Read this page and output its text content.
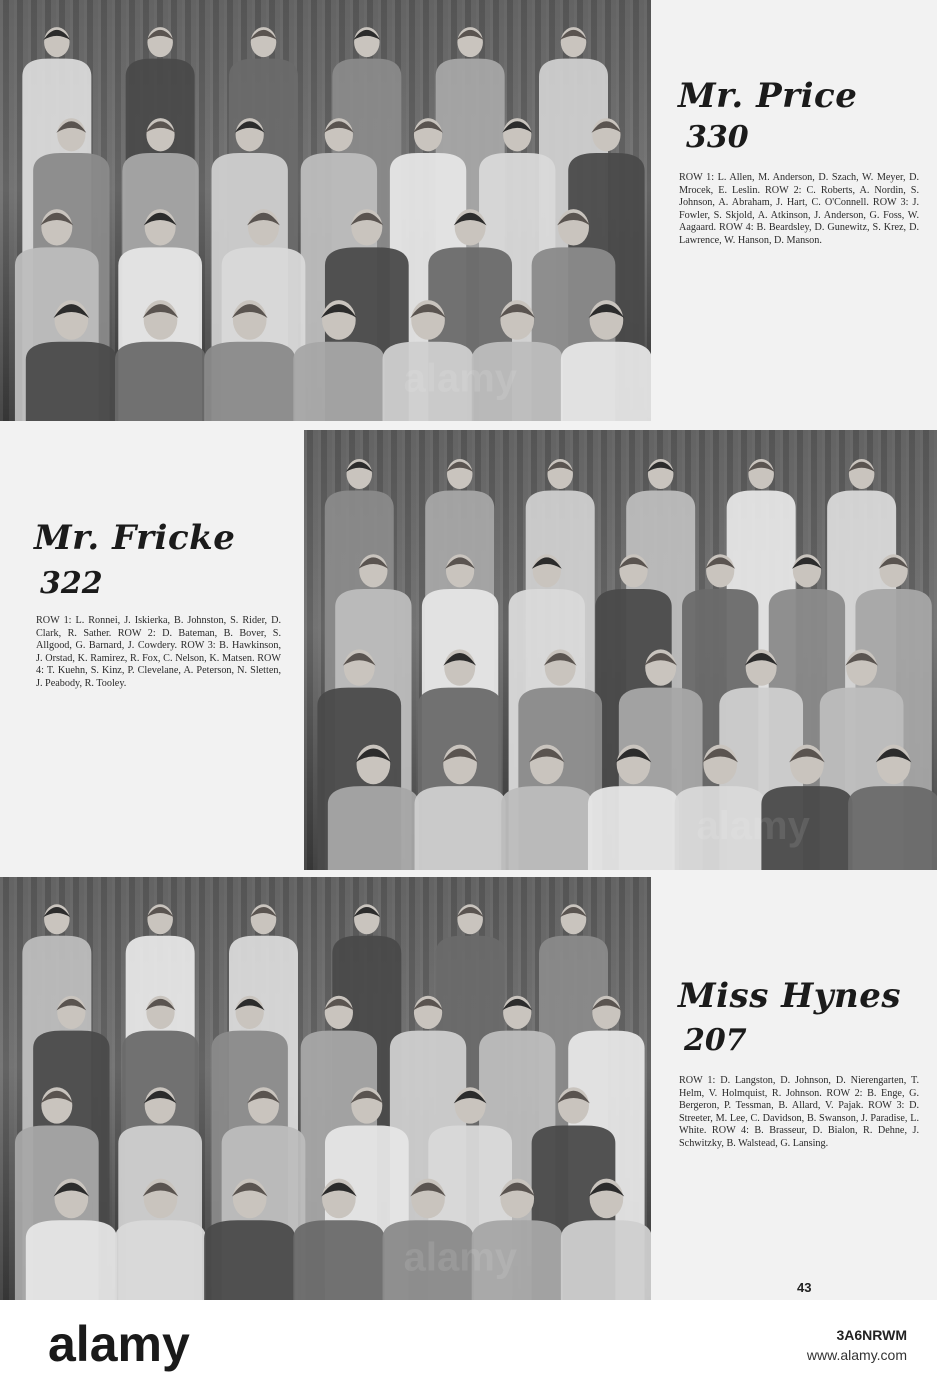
alamy
Mr. Price
330

ROW 1: L. Allen, M. Anderson, D. Szach, W. Meyer, D. Mrocek, E. Leslin. ROW 2: C. Roberts, A. Nordin, S. Johnson, A. Abraham, J. Hart, C. O'Connell. ROW 3: J. Fowler, S. Skjold, A. Atkinson, J. Anderson, G. Foss, W. Aagaard. ROW 4: B. Beardsley, D. Gunewitz, S. Krez, D. Lawrence, W. Hanson, D. Manson.

alamy
Mr. Fricke
322

ROW 1: L. Ronnei, J. Iskierka, B. Johnston, S. Rider, D. Clark, R. Sather. ROW 2: D. Bateman, B. Bover, S. Allgood, G. Barnard, J. Cowdery. ROW 3: B. Hawkinson, J. Orstad, K. Ramirez, R. Fox, C. Nelson, K. Matsen. ROW 4: T. Kuehn, S. Kinz, P. Clevelane, A. Peterson, N. Sletten, J. Peabody, R. Tooley.

alamy
Miss Hynes
207

ROW 1: D. Langston, D. Johnson, D. Nierengarten, T. Helm, V. Holmquist, R. Johnson. ROW 2: B. Enge, G. Bergeron, P. Tessman, B. Allard, V. Pajak. ROW 3: D. Streeter, M. Lee, C. Davidson, B. Swanson, J. Paradise, L. White. ROW 4: B. Brasseur, D. Bialon, R. Dehne, J. Schwitzky, B. Walstead, G. Lansing.

43
alamy	3A6NRWM
www.alamy.com
